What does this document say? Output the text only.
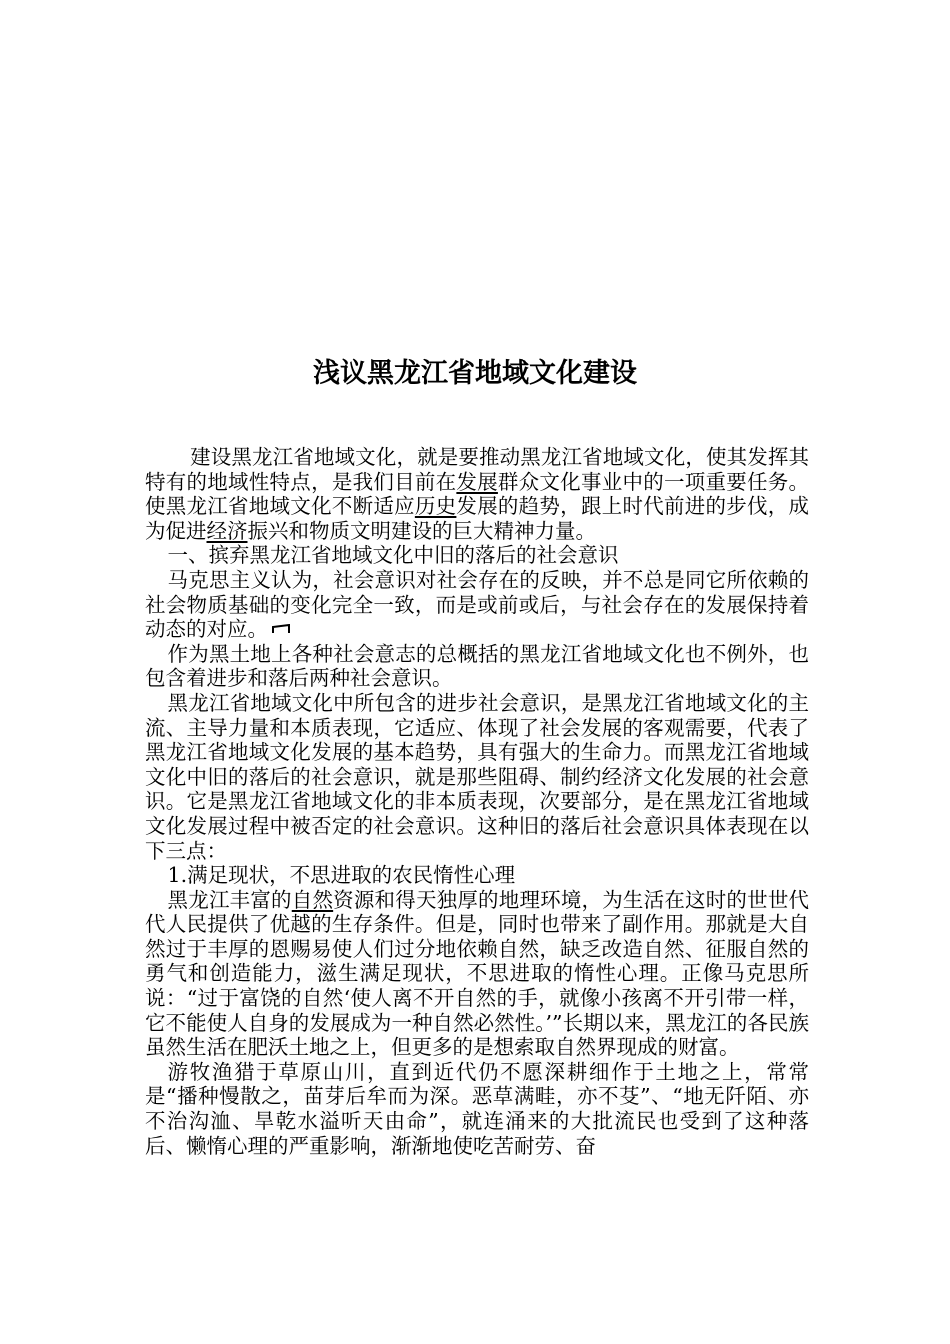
浅议黑龙江省地域文化建设

建设黑龙江省地域文化，就是要推动黑龙江省地域文化，使其发挥其特有的地域性特点，是我们目前在发展群众文化事业中的一项重要任务。使黑龙江省地域文化不断适应历史发展的趋势，跟上时代前进的步伐，成为促进经济振兴和物质文明建设的巨大精神力量。

一、摈弃黑龙江省地域文化中旧的落后的社会意识

马克思主义认为，社会意识对社会存在的反映，并不总是同它所依赖的社会物质基础的变化完全一致，而是或前或后，与社会存在的发展保持着动态的对应。

作为黑土地上各种社会意志的总概括的黑龙江省地域文化也不例外，也包含着进步和落后两种社会意识。

黑龙江省地域文化中所包含的进步社会意识，是黑龙江省地域文化的主流、主导力量和本质表现，它适应、体现了社会发展的客观需要，代表了黑龙江省地域文化发展的基本趋势，具有强大的生命力。而黑龙江省地域文化中旧的落后的社会意识，就是那些阻碍、制约经济文化发展的社会意识。它是黑龙江省地域文化的非本质表现，次要部分，是在黑龙江省地域文化发展过程中被否定的社会意识。这种旧的落后社会意识具体表现在以下三点：

1.满足现状，不思进取的农民惰性心理

黑龙江丰富的自然资源和得天独厚的地理环境，为生活在这时的世世代代人民提供了优越的生存条件。但是，同时也带来了副作用。那就是大自然过于丰厚的恩赐易使人们过分地依赖自然，缺乏改造自然、征服自然的勇气和创造能力，滋生满足现状，不思进取的惰性心理。正像马克思所说：“过于富饶的自然‘使人离不开自然的手，就像小孩离不开引带一样，它不能使人自身的发展成为一种自然必然性。’”长期以来，黑龙江的各民族虽然生活在肥沃土地之上，但更多的是想索取自然界现成的财富。

游牧渔猎于草原山川，直到近代仍不愿深耕细作于土地之上，常常是“播种慢散之，苗芽后牟而为深。恶草满畦，亦不芟”、“地无阡陌、亦不治沟洫、旱乾水溢听天由命”，就连涌来的大批流民也受到了这种落后、懒惰心理的严重影响，渐渐地使吃苦耐劳、奋
